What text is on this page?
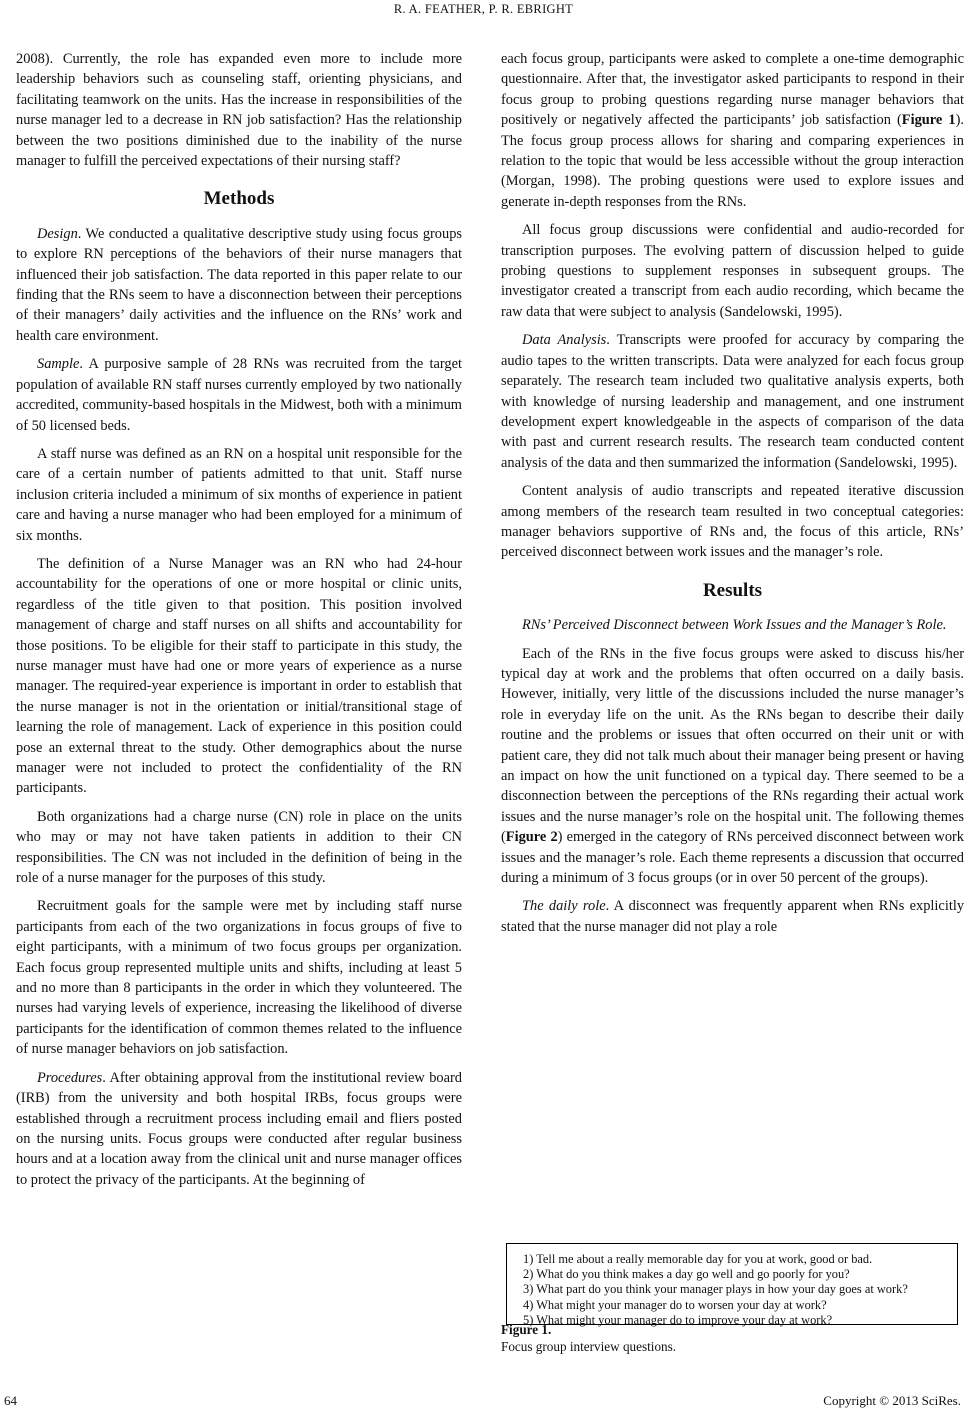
R. A. FEATHER, P. R. EBRIGHT

2008). Currently, the role has expanded even more to include more leadership behaviors such as counseling staff, orienting physicians, and facilitating teamwork on the units. Has the increase in responsibilities of the nurse manager led to a decrease in RN job satisfaction? Has the relationship between the two positions diminished due to the inability of the nurse manager to fulfill the perceived expectations of their nursing staff?

Methods

Design. We conducted a qualitative descriptive study using focus groups to explore RN perceptions of the behaviors of their nurse managers that influenced their job satisfaction. The data reported in this paper relate to our finding that the RNs seem to have a disconnection between their perceptions of their managers’ daily activities and the influence on the RNs’ work and health care environment.

Sample. A purposive sample of 28 RNs was recruited from the target population of available RN staff nurses currently employed by two nationally accredited, community-based hospitals in the Midwest, both with a minimum of 50 licensed beds.

A staff nurse was defined as an RN on a hospital unit responsible for the care of a certain number of patients admitted to that unit. Staff nurse inclusion criteria included a minimum of six months of experience in patient care and having a nurse manager who had been employed for a minimum of six months.

The definition of a Nurse Manager was an RN who had 24-hour accountability for the operations of one or more hospital or clinic units, regardless of the title given to that position. This position involved management of charge and staff nurses on all shifts and accountability for those positions. To be eligible for their staff to participate in this study, the nurse manager must have had one or more years of experience as a nurse manager. The required-year experience is important in order to establish that the nurse manager is not in the orientation or initial/transitional stage of learning the role of management. Lack of experience in this position could pose an external threat to the study. Other demographics about the nurse manager were not included to protect the confidentiality of the RN participants.

Both organizations had a charge nurse (CN) role in place on the units who may or may not have taken patients in addition to their CN responsibilities. The CN was not included in the definition of being in the role of a nurse manager for the purposes of this study.

Recruitment goals for the sample were met by including staff nurse participants from each of the two organizations in focus groups of five to eight participants, with a minimum of two focus groups per organization. Each focus group represented multiple units and shifts, including at least 5 and no more than 8 participants in the order in which they volunteered. The nurses had varying levels of experience, increasing the likelihood of diverse participants for the identification of common themes related to the influence of nurse manager behaviors on job satisfaction.

Procedures. After obtaining approval from the institutional review board (IRB) from the university and both hospital IRBs, focus groups were established through a recruitment process including email and fliers posted on the nursing units. Focus groups were conducted after regular business hours and at a location away from the clinical unit and nurse manager offices to protect the privacy of the participants. At the beginning of

each focus group, participants were asked to complete a one-time demographic questionnaire. After that, the investigator asked participants to respond in their focus group to probing questions regarding nurse manager behaviors that positively or negatively affected the participants’ job satisfaction (Figure 1). The focus group process allows for sharing and comparing experiences in relation to the topic that would be less accessible without the group interaction (Morgan, 1998). The probing questions were used to explore issues and generate in-depth responses from the RNs.

All focus group discussions were confidential and audio-recorded for transcription purposes. The evolving pattern of discussion helped to guide probing questions to supplement responses in subsequent groups. The investigator created a transcript from each audio recording, which became the raw data that were subject to analysis (Sandelowski, 1995).

Data Analysis. Transcripts were proofed for accuracy by comparing the audio tapes to the written transcripts. Data were analyzed for each focus group separately. The research team included two qualitative analysis experts, both with knowledge of nursing leadership and management, and one instrument development expert knowledgeable in the aspects of comparison of the data with past and current research results. The research team conducted content analysis of the data and then summarized the information (Sandelowski, 1995).

Content analysis of audio transcripts and repeated iterative discussion among members of the research team resulted in two conceptual categories: manager behaviors supportive of RNs and, the focus of this article, RNs’ perceived disconnect between work issues and the manager’s role.

Results

RNs’ Perceived Disconnect between Work Issues and the Manager’s Role.

Each of the RNs in the five focus groups were asked to discuss his/her typical day at work and the problems that often occurred on a daily basis. However, initially, very little of the discussions included the nurse manager’s role in everyday life on the unit. As the RNs began to describe their daily routine and the problems or issues that often occurred on their unit or with patient care, they did not talk much about their manager being present or having an impact on how the unit functioned on a typical day. There seemed to be a disconnection between the perceptions of the RNs regarding their actual work issues and the nurse manager’s role on the hospital unit. The following themes (Figure 2) emerged in the category of RNs perceived disconnect between work issues and the manager’s role. Each theme represents a discussion that occurred during a minimum of 3 focus groups (or in over 50 percent of the groups).

The daily role. A disconnect was frequently apparent when RNs explicitly stated that the nurse manager did not play a role

1) Tell me about a really memorable day for you at work, good or bad.
2) What do you think makes a day go well and go poorly for you?
3) What part do you think your manager plays in how your day goes at work?
4) What might your manager do to worsen your day at work?
5) What might your manager do to improve your day at work?
Figure 1.
Focus group interview questions.
64	Copyright © 2013 SciRes.
